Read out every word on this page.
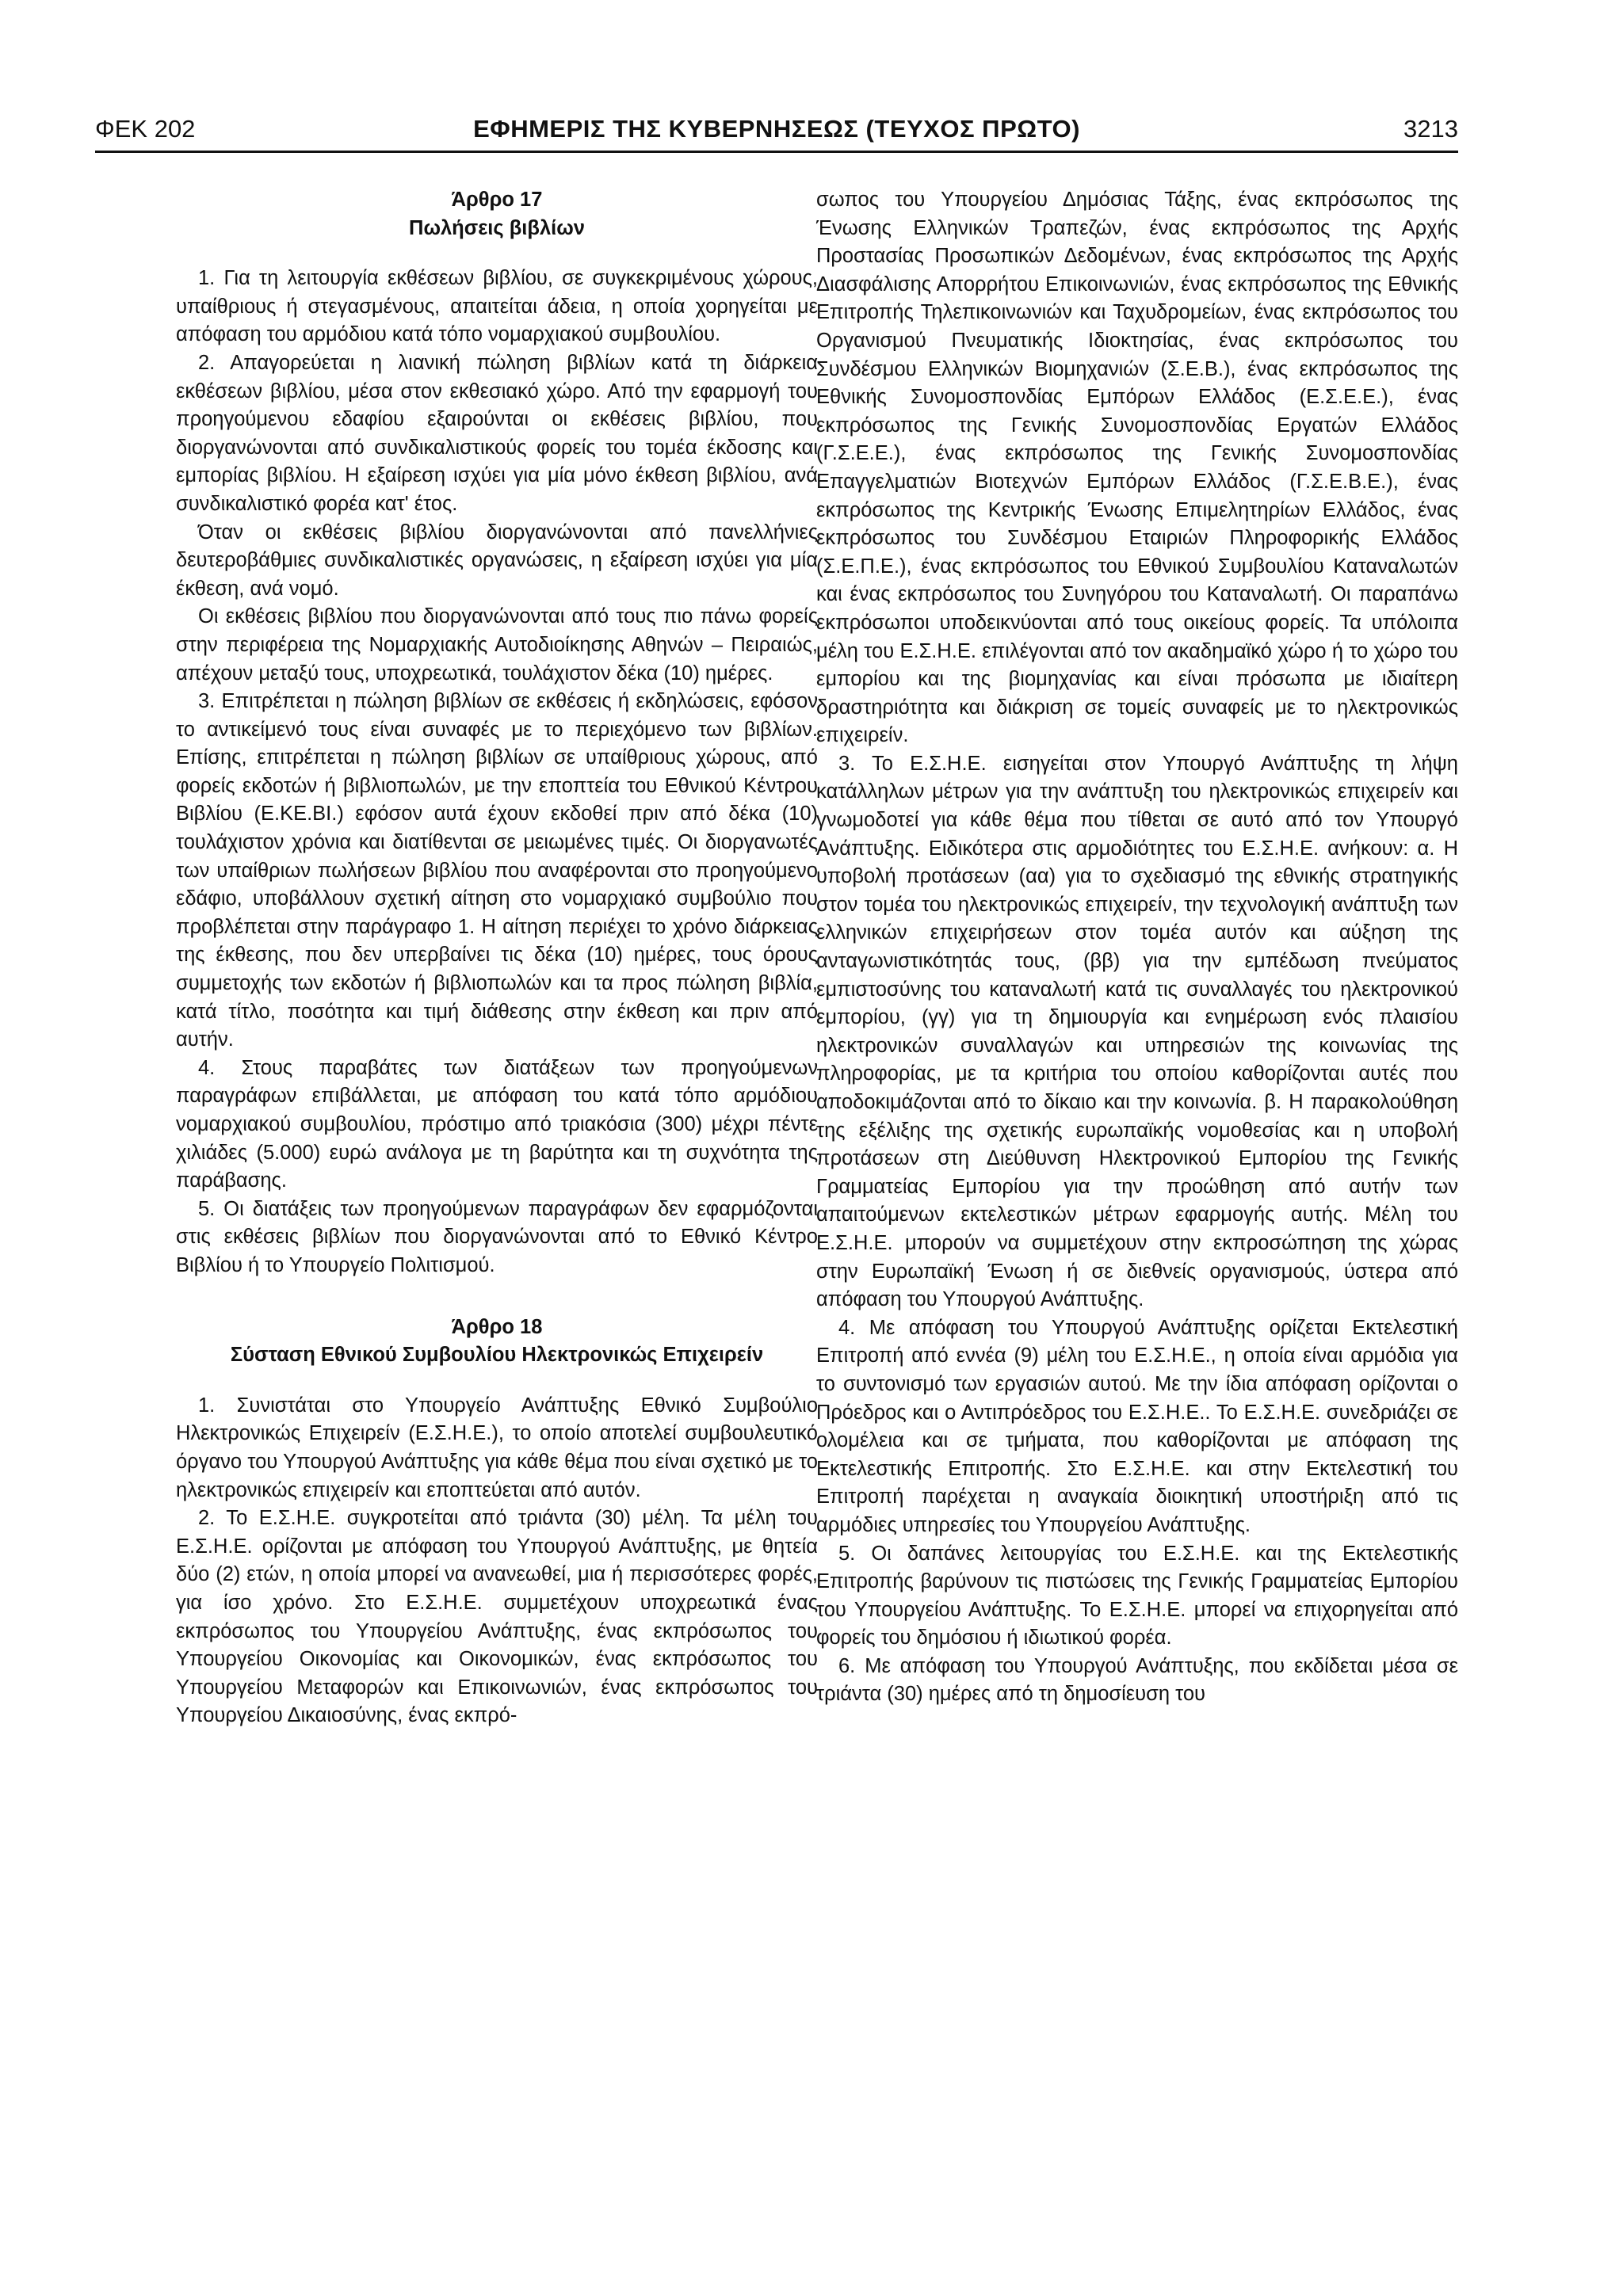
ΦΕΚ 202	ΕΦΗΜΕΡΙΣ ΤΗΣ ΚΥΒΕΡΝΗΣΕΩΣ (ΤΕΥΧΟΣ ΠΡΩΤΟ)	3213
Άρθρο 17
Πωλήσεις βιβλίων

1. Για τη λειτουργία εκθέσεων βιβλίου, σε συγκεκριμένους χώρους, υπαίθριους ή στεγασμένους, απαιτείται άδεια, η οποία χορηγείται με απόφαση του αρμόδιου κατά τόπο νομαρχιακού συμβουλίου.

2. Απαγορεύεται η λιανική πώληση βιβλίων κατά τη διάρκεια εκθέσεων βιβλίου, μέσα στον εκθεσιακό χώρο. Από την εφαρμογή του προηγούμενου εδαφίου εξαιρούνται οι εκθέσεις βιβλίου, που διοργανώνονται από συνδικαλιστικούς φορείς του τομέα έκδοσης και εμπορίας βιβλίου. Η εξαίρεση ισχύει για μία μόνο έκθεση βιβλίου, ανά συνδικαλιστικό φορέα κατ' έτος.

Όταν οι εκθέσεις βιβλίου διοργανώνονται από πανελλήνιες δευτεροβάθμιες συνδικαλιστικές οργανώσεις, η εξαίρεση ισχύει για μία έκθεση, ανά νομό.

Οι εκθέσεις βιβλίου που διοργανώνονται από τους πιο πάνω φορείς στην περιφέρεια της Νομαρχιακής Αυτοδιοίκησης Αθηνών – Πειραιώς, απέχουν μεταξύ τους, υποχρεωτικά, τουλάχιστον δέκα (10) ημέρες.

3. Επιτρέπεται η πώληση βιβλίων σε εκθέσεις ή εκδηλώσεις, εφόσον το αντικείμενό τους είναι συναφές με το περιεχόμενο των βιβλίων. Επίσης, επιτρέπεται η πώληση βιβλίων σε υπαίθριους χώρους, από φορείς εκδοτών ή βιβλιοπωλών, με την εποπτεία του Εθνικού Κέντρου Βιβλίου (Ε.ΚΕ.ΒΙ.) εφόσον αυτά έχουν εκδοθεί πριν από δέκα (10) τουλάχιστον χρόνια και διατίθενται σε μειωμένες τιμές. Οι διοργανωτές των υπαίθριων πωλήσεων βιβλίου που αναφέρονται στο προηγούμενο εδάφιο, υποβάλλουν σχετική αίτηση στο νομαρχιακό συμβούλιο που προβλέπεται στην παράγραφο 1. Η αίτηση περιέχει το χρόνο διάρκειας της έκθεσης, που δεν υπερβαίνει τις δέκα (10) ημέρες, τους όρους συμμετοχής των εκδοτών ή βιβλιοπωλών και τα προς πώληση βιβλία, κατά τίτλο, ποσότητα και τιμή διάθεσης στην έκθεση και πριν από αυτήν.

4. Στους παραβάτες των διατάξεων των προηγούμενων παραγράφων επιβάλλεται, με απόφαση του κατά τόπο αρμόδιου νομαρχιακού συμβουλίου, πρόστιμο από τριακόσια (300) μέχρι πέντε χιλιάδες (5.000) ευρώ ανάλογα με τη βαρύτητα και τη συχνότητα της παράβασης.

5. Οι διατάξεις των προηγούμενων παραγράφων δεν εφαρμόζονται στις εκθέσεις βιβλίων που διοργανώνονται από το Εθνικό Κέντρο Βιβλίου ή το Υπουργείο Πολιτισμού.

Άρθρο 18
Σύσταση Εθνικού Συμβουλίου Ηλεκτρονικώς Επιχειρείν

1. Συνιστάται στο Υπουργείο Ανάπτυξης Εθνικό Συμβούλιο Ηλεκτρονικώς Επιχειρείν (Ε.Σ.Η.Ε.), το οποίο αποτελεί συμβουλευτικό όργανο του Υπουργού Ανάπτυξης για κάθε θέμα που είναι σχετικό με το ηλεκτρονικώς επιχειρείν και εποπτεύεται από αυτόν.

2. Το Ε.Σ.Η.Ε. συγκροτείται από τριάντα (30) μέλη. Τα μέλη του Ε.Σ.Η.Ε. ορίζονται με απόφαση του Υπουργού Ανάπτυξης, με θητεία δύο (2) ετών, η οποία μπορεί να ανανεωθεί, μια ή περισσότερες φορές, για ίσο χρόνο. Στο Ε.Σ.Η.Ε. συμμετέχουν υποχρεωτικά ένας εκπρόσωπος του Υπουργείου Ανάπτυξης, ένας εκπρόσωπος του Υπουργείου Οικονομίας και Οικονομικών, ένας εκπρόσωπος του Υπουργείου Μεταφορών και Επικοινωνιών, ένας εκπρόσωπος του Υπουργείου Δικαιοσύνης, ένας εκπρό-

σωπος του Υπουργείου Δημόσιας Τάξης, ένας εκπρόσωπος της Ένωσης Ελληνικών Τραπεζών, ένας εκπρόσωπος της Αρχής Προστασίας Προσωπικών Δεδομένων, ένας εκπρόσωπος της Αρχής Διασφάλισης Απορρήτου Επικοινωνιών, ένας εκπρόσωπος της Εθνικής Επιτροπής Τηλεπικοινωνιών και Ταχυδρομείων, ένας εκπρόσωπος του Οργανισμού Πνευματικής Ιδιοκτησίας, ένας εκπρόσωπος του Συνδέσμου Ελληνικών Βιομηχανιών (Σ.Ε.Β.), ένας εκπρόσωπος της Εθνικής Συνομοσπονδίας Εμπόρων Ελλάδος (Ε.Σ.Ε.Ε.), ένας εκπρόσωπος της Γενικής Συνομοσπονδίας Εργατών Ελλάδος (Γ.Σ.Ε.Ε.), ένας εκπρόσωπος της Γενικής Συνομοσπονδίας Επαγγελματιών Βιοτεχνών Εμπόρων Ελλάδος (Γ.Σ.Ε.Β.Ε.), ένας εκπρόσωπος της Κεντρικής Ένωσης Επιμελητηρίων Ελλάδος, ένας εκπρόσωπος του Συνδέσμου Εταιριών Πληροφορικής Ελλάδος (Σ.Ε.Π.Ε.), ένας εκπρόσωπος του Εθνικού Συμβουλίου Καταναλωτών και ένας εκπρόσωπος του Συνηγόρου του Καταναλωτή. Οι παραπάνω εκπρόσωποι υποδεικνύονται από τους οικείους φορείς. Τα υπόλοιπα μέλη του Ε.Σ.Η.Ε. επιλέγονται από τον ακαδημαϊκό χώρο ή το χώρο του εμπορίου και της βιομηχανίας και είναι πρόσωπα με ιδιαίτερη δραστηριότητα και διάκριση σε τομείς συναφείς με το ηλεκτρονικώς επιχειρείν.

3. Το Ε.Σ.Η.Ε. εισηγείται στον Υπουργό Ανάπτυξης τη λήψη κατάλληλων μέτρων για την ανάπτυξη του ηλεκτρονικώς επιχειρείν και γνωμοδοτεί για κάθε θέμα που τίθεται σε αυτό από τον Υπουργό Ανάπτυξης. Ειδικότερα στις αρμοδιότητες του Ε.Σ.Η.Ε. ανήκουν: α. Η υποβολή προτάσεων (αα) για το σχεδιασμό της εθνικής στρατηγικής στον τομέα του ηλεκτρονικώς επιχειρείν, την τεχνολογική ανάπτυξη των ελληνικών επιχειρήσεων στον τομέα αυτόν και αύξηση της ανταγωνιστικότητάς τους, (ββ) για την εμπέδωση πνεύματος εμπιστοσύνης του καταναλωτή κατά τις συναλλαγές του ηλεκτρονικού εμπορίου, (γγ) για τη δημιουργία και ενημέρωση ενός πλαισίου ηλεκτρονικών συναλλαγών και υπηρεσιών της κοινωνίας της πληροφορίας, με τα κριτήρια του οποίου καθορίζονται αυτές που αποδοκιμάζονται από το δίκαιο και την κοινωνία. β. Η παρακολούθηση της εξέλιξης της σχετικής ευρωπαϊκής νομοθεσίας και η υποβολή προτάσεων στη Διεύθυνση Ηλεκτρονικού Εμπορίου της Γενικής Γραμματείας Εμπορίου για την προώθηση από αυτήν των απαιτούμενων εκτελεστικών μέτρων εφαρμογής αυτής. Μέλη του Ε.Σ.Η.Ε. μπορούν να συμμετέχουν στην εκπροσώπηση της χώρας στην Ευρωπαϊκή Ένωση ή σε διεθνείς οργανισμούς, ύστερα από απόφαση του Υπουργού Ανάπτυξης.

4. Με απόφαση του Υπουργού Ανάπτυξης ορίζεται Εκτελεστική Επιτροπή από εννέα (9) μέλη του Ε.Σ.Η.Ε., η οποία είναι αρμόδια για το συντονισμό των εργασιών αυτού. Με την ίδια απόφαση ορίζονται ο Πρόεδρος και ο Αντιπρόεδρος του Ε.Σ.Η.Ε.. Το Ε.Σ.Η.Ε. συνεδριάζει σε ολομέλεια και σε τμήματα, που καθορίζονται με απόφαση της Εκτελεστικής Επιτροπής. Στο Ε.Σ.Η.Ε. και στην Εκτελεστική του Επιτροπή παρέχεται η αναγκαία διοικητική υποστήριξη από τις αρμόδιες υπηρεσίες του Υπουργείου Ανάπτυξης.

5. Οι δαπάνες λειτουργίας του Ε.Σ.Η.Ε. και της Εκτελεστικής Επιτροπής βαρύνουν τις πιστώσεις της Γενικής Γραμματείας Εμπορίου του Υπουργείου Ανάπτυξης. Το Ε.Σ.Η.Ε. μπορεί να επιχορηγείται από φορείς του δημόσιου ή ιδιωτικού φορέα.

6. Με απόφαση του Υπουργού Ανάπτυξης, που εκδίδεται μέσα σε τριάντα (30) ημέρες από τη δημοσίευση του
